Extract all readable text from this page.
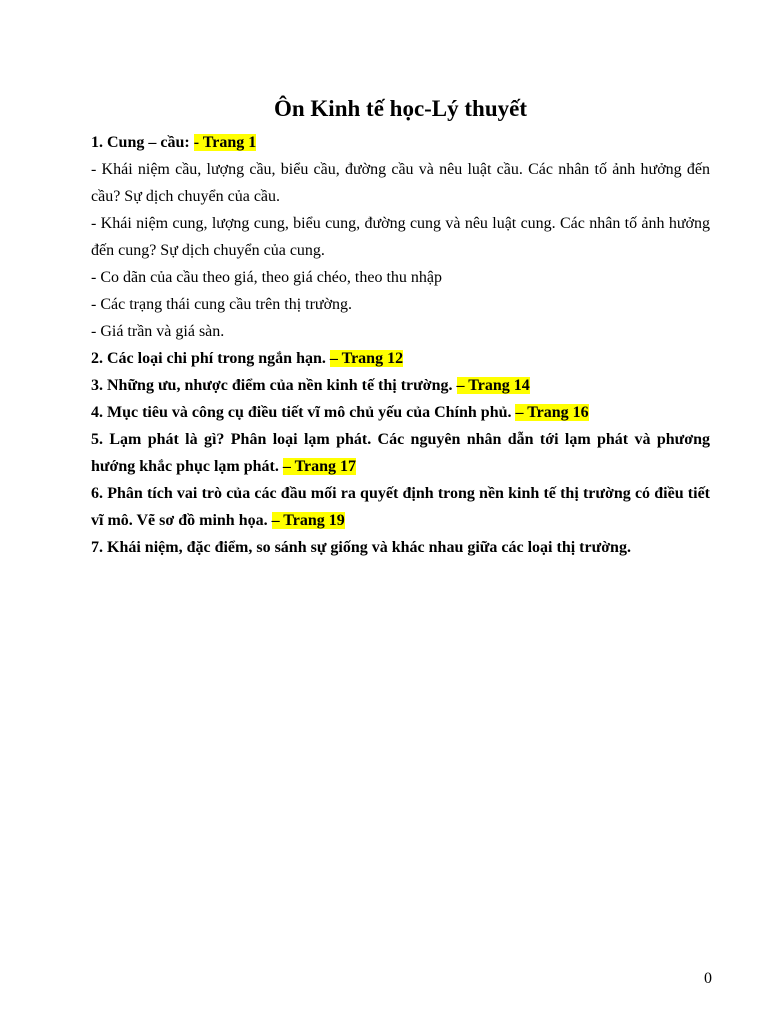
Ôn Kinh tế học-Lý thuyết

1. Cung – cầu: - Trang 1

- Khái niệm cầu, lượng cầu, biểu cầu, đường cầu và nêu luật cầu. Các nhân tố ảnh hưởng đến cầu? Sự dịch chuyển của cầu.

- Khái niệm cung, lượng cung, biểu cung, đường cung và nêu luật cung. Các nhân tố ảnh hưởng đến cung? Sự dịch chuyển của cung.

- Co dãn của cầu theo giá, theo giá chéo, theo thu nhập

- Các trạng thái cung cầu trên thị trường.

- Giá trần và giá sàn.

2. Các loại chi phí trong ngắn hạn. – Trang 12

3. Những ưu, nhược điểm của nền kinh tế thị trường. – Trang 14

4. Mục tiêu và công cụ điều tiết vĩ mô chủ yếu của Chính phủ. – Trang 16

5. Lạm phát là gì? Phân loại lạm phát. Các nguyên nhân dẫn tới lạm phát và phương hướng khắc phục lạm phát. – Trang 17

6. Phân tích vai trò của các đầu mối ra quyết định trong nền kinh tế thị trường có điều tiết vĩ mô. Vẽ sơ đồ minh họa. – Trang 19

7. Khái niệm, đặc điểm, so sánh sự giống và khác nhau giữa các loại thị trường.

0
